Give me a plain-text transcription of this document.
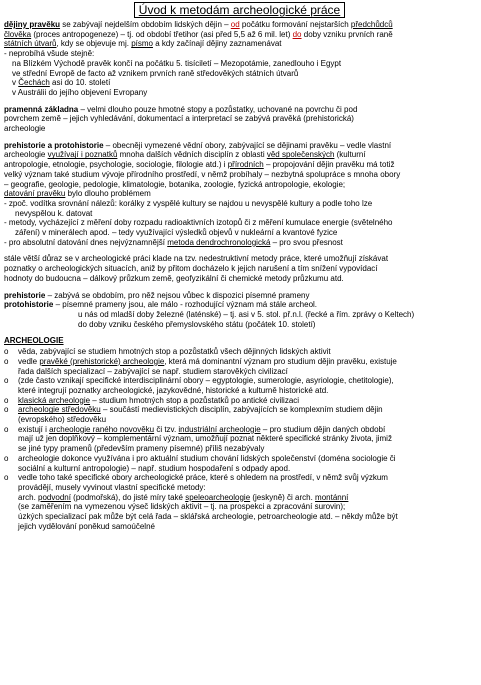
Úvod k metodám archeologické práce
dějiny pravěku se zabývají nejdelším obdobím lidských dějin – od počátku formování nejstarších předchůdců
člověka (proces antropogeneze) – tj. od období třetihor (asi před 5,5 až 6 mil. let) do doby vzniku prvních raně
státních útvarů, kdy se objevuje mj. písmo a kdy začínají dějiny zaznamenávat
- neprobíhá všude stejně:
na Blízkém Východě pravěk končí na počátku 5. tisíciletí – Mezopotámie, zanedlouho i Egypt
ve střední Evropě de facto až vznikem prvních raně středověkých státních útvarů
v Čechách asi do 10. století
v Austrálii do jejího objevení Evropany
pramenná základna – velmi dlouho pouze hmotné stopy a pozůstatky, uchované na povrchu či pod
povrchem země – jejich vyhledávání, dokumentací a interpretací se zabývá pravěká (prehistorická)
archeologie
prehistorie a protohistorie – obecněji vymezené vědní obory, zabývající se dějinami pravěku – vedle vlastní
archeologie využívají i poznatků mnoha dalších vědních disciplín z oblasti věd společenských (kulturní
antropologie, etnologie, psychologie, sociologie, filologie atd.) i přírodních – propojování dějin pravěku má totiž
velký význam také studium vývoje přírodního prostředí, v němž probíhaly – nezbytná spolupráce s mnoha obory
– geografie, geologie, pedologie, klimatologie, botanika, zoologie, fyzická antropologie, ekologie;
datování pravěku bylo dlouho problémem
- zpoč. vodítka srovnání nálezů: korálky z vyspělé kultury se najdou u nevyspělé kultury a podle toho lze
nevyspělou k. datovat
- metody, vycházející z měření doby rozpadu radioaktivních izotopů či z měření kumulace energie (světelného
záření) v minerálech apod. – tedy využívající výsledků objevů v nukleární a kvantové fyzice
- pro absolutní datování dnes nejvýznamnější metoda dendrochronologická – pro svou přesnost
stále větší důraz se v archeologické práci klade na tzv. nedestruktivní metody práce, které umožňují získávat
poznatky o archeologických situacích, aniž by přitom docházelo k jejich narušení a tím snížení vypovídací
hodnoty do budoucna – dálkový průzkum země, geofyzikální či chemické metody průzkumu atd.
prehistorie – zabývá se obdobím, pro něž nejsou vůbec k dispozici písemné prameny
protohistorie – písemné prameny jsou, ale málo - rozhodující význam má stále archeol.
u nás od mladší doby železné (laténské) – tj. asi v 5. stol. př.n.l. (řecké a řím. zprávy o Keltech)
do doby vzniku českého přemyslovského státu (počátek 10. století)
ARCHEOLOGIE
o	věda, zabývající se studiem hmotných stop a pozůstatků všech dějinných lidských aktivit
o	vedle pravěké (prehistorické) archeologie, která má dominantní význam pro studium dějin pravěku, existuje
řada dalších specializací – zabývající se např. studiem starověkých civilizací
o	(zde často vznikají specifické interdisciplinární obory – egyptologie, sumerologie, asyriologie, chetitologie),
které integrují poznatky archeologické, jazykovědné, historické a kulturně historické atd.
o	klasická archeologie – studium hmotných stop a pozůstatků po antické civilizaci
o	archeologie středověku – součástí medievistických disciplín, zabývajících se komplexním studiem dějin
(evropského) středověku
o	existují i archeologie raného novověku či tzv. industriální archeologie – pro studium dějin daných období
mají už jen doplňkový – komplementární význam, umožňují poznat některé specifické stránky života, jimiž
se jiné typy pramenů (především prameny písemné) příliš nezabývaly
o	archeologie dokonce využívána i pro aktuální studium chování lidských společenství (doména sociologie či
sociální a kulturní antropologie) – např. studium hospodaření s odpady apod.
o	vedle toho také specifické obory archeologické práce, které s ohledem na prostředí, v němž svůj výzkum
provádějí, musely vyvinout vlastní specifické metody:
arch. podvodní (podmořská), do jisté míry také speleoarcheologie (jeskyně) či arch. montánní
(se zaměřením na vymezenou výseč lidských aktivit – tj. na prospekci a zpracování surovin);
úzkých specializací pak může být celá řada – sklářská archeologie, petroarcheologie atd. – někdy může být
jejich vydělování poněkud samoúčelné
